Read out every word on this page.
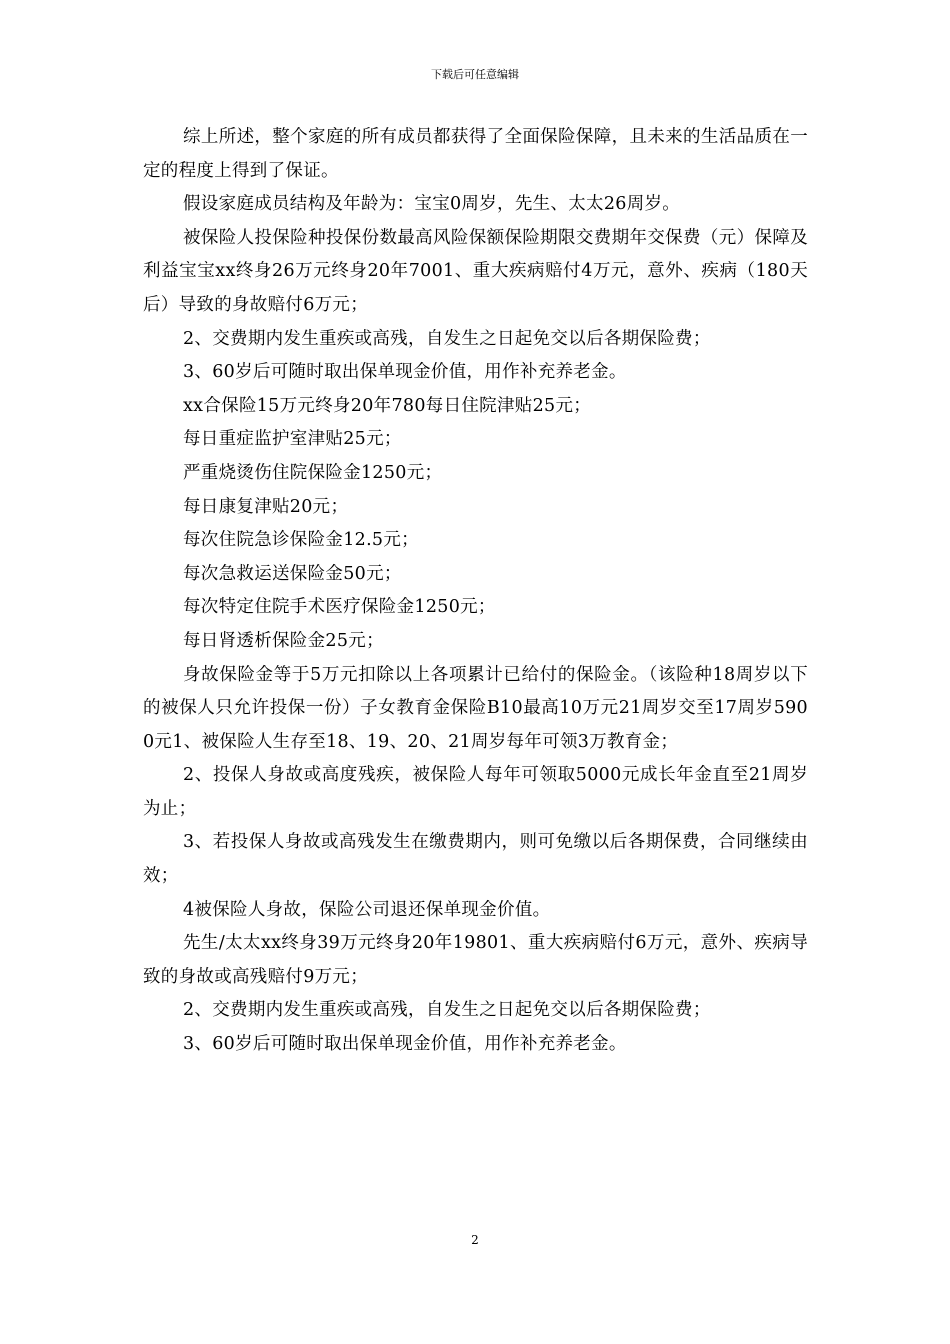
下载后可任意编辑

综上所述，整个家庭的所有成员都获得了全面保险保障，且未来的生活品质在一定的程度上得到了保证。

假设家庭成员结构及年龄为：宝宝0周岁，先生、太太26周岁。

被保险人投保险种投保份数最高风险保额保险期限交费期年交保费（元）保障及利益宝宝xx终身26万元终身20年7001、重大疾病赔付4万元，意外、疾病（180天后）导致的身故赔付6万元；

2、交费期内发生重疾或高残，自发生之日起免交以后各期保险费；

3、60岁后可随时取出保单现金价值，用作补充养老金。

xx合保险15万元终身20年780每日住院津贴25元；

每日重症监护室津贴25元；

严重烧烫伤住院保险金1250元；

每日康复津贴20元；

每次住院急诊保险金12.5元；

每次急救运送保险金50元；

每次特定住院手术医疗保险金1250元；

每日肾透析保险金25元；

身故保险金等于5万元扣除以上各项累计已给付的保险金。（该险种18周岁以下的被保人只允许投保一份）子女教育金保险B10最高10万元21周岁交至17周岁5900元1、被保险人生存至18、19、20、21周岁每年可领3万教育金；

2、投保人身故或高度残疾，被保险人每年可领取5000元成长年金直至21周岁为止；

3、若投保人身故或高残发生在缴费期内，则可免缴以后各期保费，合同继续由效；

4被保险人身故，保险公司退还保单现金价值。

先生/太太xx终身39万元终身20年19801、重大疾病赔付6万元，意外、疾病导致的身故或高残赔付9万元；

2、交费期内发生重疾或高残，自发生之日起免交以后各期保险费；

3、60岁后可随时取出保单现金价值，用作补充养老金。

2
